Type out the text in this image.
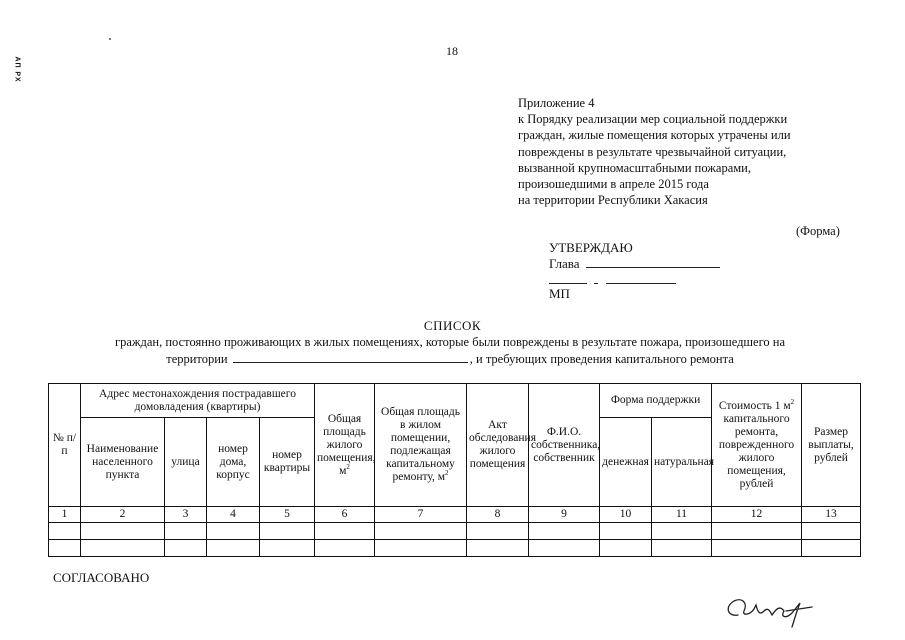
АП РХ
18
Приложение 4
к Порядку реализации мер социальной поддержки
граждан, жилые помещения которых утрачены или
повреждены в результате чрезвычайной ситуации,
вызванной крупномасштабными пожарами,
произошедшими в апреле 2015 года
на территории Республики Хакасия
(Форма)
УТВЕРЖДАЮ
Глава

МП
СПИСОК
граждан, постоянно проживающих в жилых помещениях, которые были повреждены в результате пожара, произошедшего на
территории	, и требующих проведения капитального ремонта
№ п/п	Адрес местонахождения пострадавшего домовладения (квартиры)				Общая площадь жилого помещения, $м^2$	Общая площадь в жилом помещении, подлежащая капитальному ремонту, $м^2$	Акт обследования жилого помещения	Ф.И.О. собственника, собственник	Форма поддержки		Стоимость 1 $м^2$ капитального ремонта, поврежденного жилого помещения, рублей	Размер выплаты, рублей
	Наименование населенного пункта	улица	номер дома, корпус	номер квартиры					денежная	натуральная		
1	2	3	4	5	6	7	8	9	10	11	12	13

СОГЛАСОВАНО
